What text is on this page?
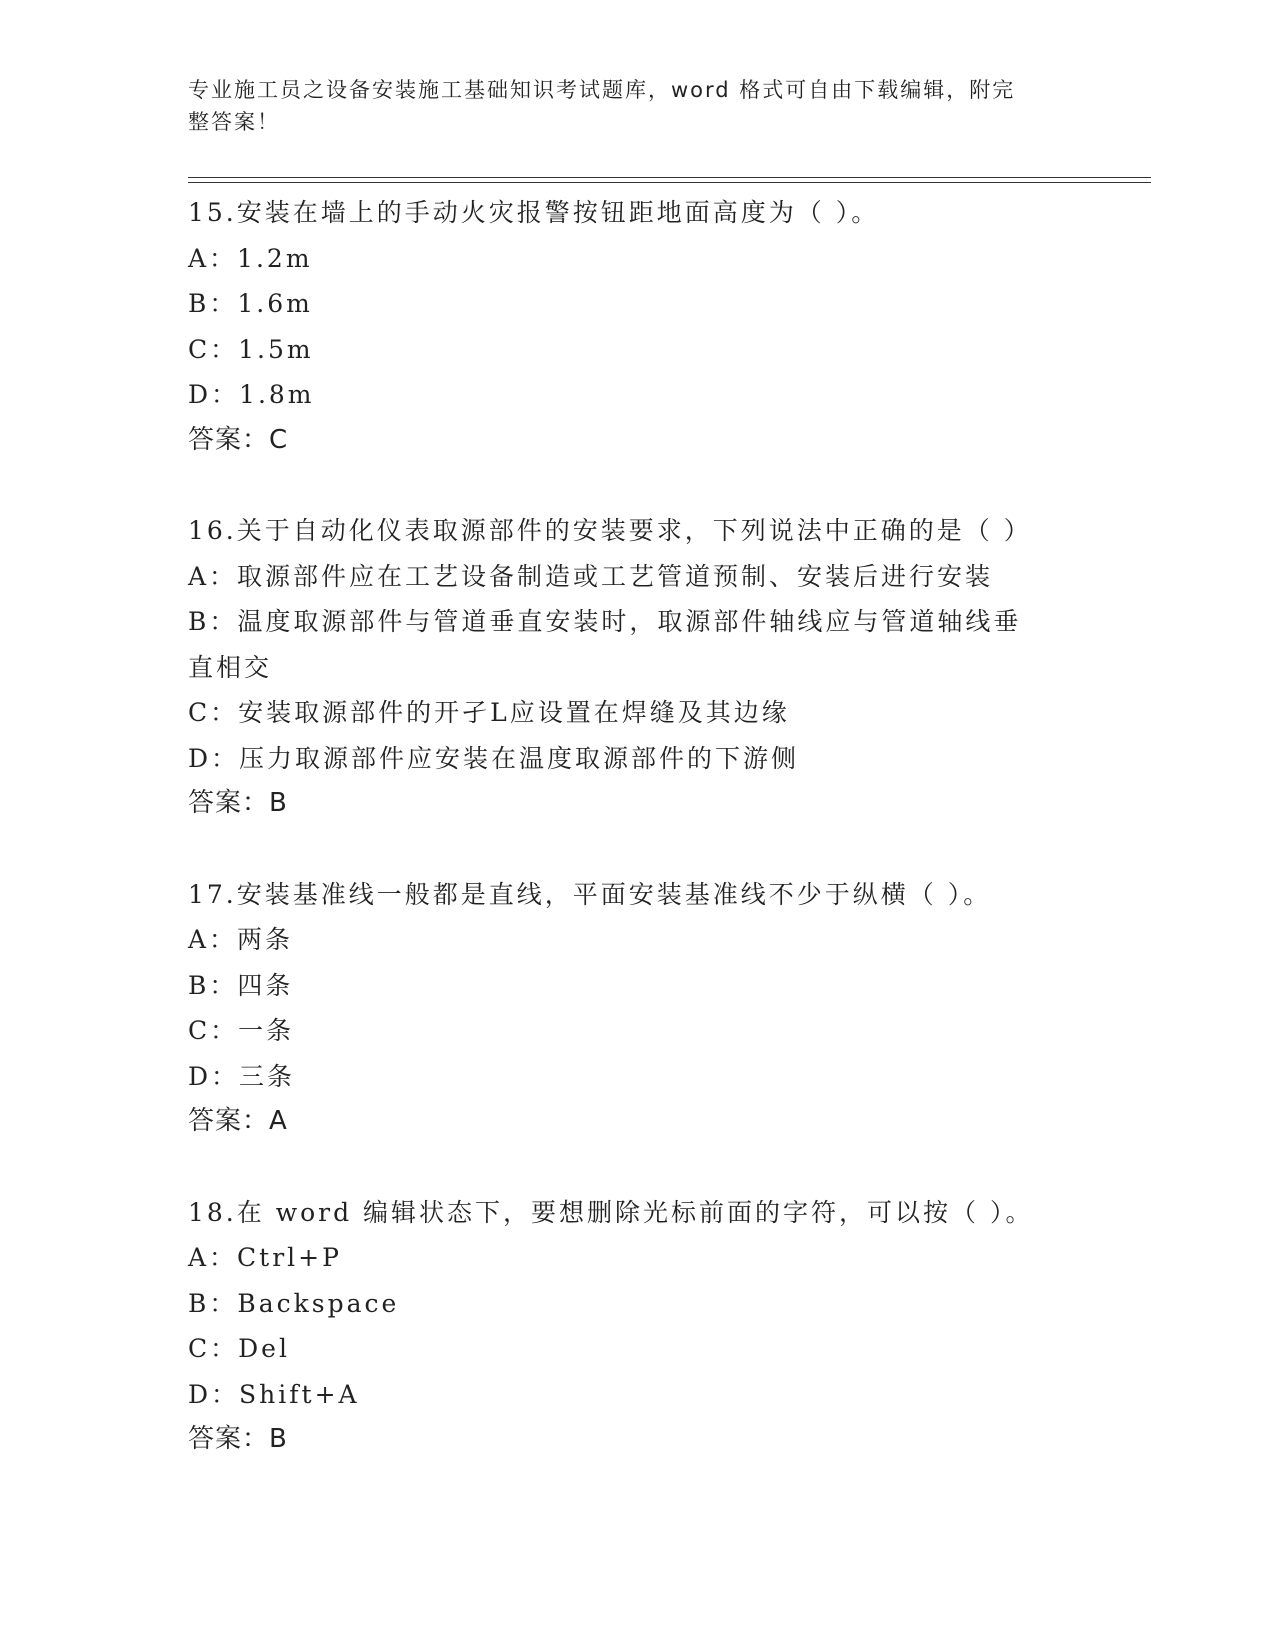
专业施工员之设备安装施工基础知识考试题库，word 格式可自由下载编辑，附完
整答案！
15.安装在墙上的手动火灾报警按钮距地面高度为（ ）。
A：1.2m
B：1.6m
C：1.5m
D：1.8m
答案：C
16.关于自动化仪表取源部件的安装要求，下列说法中正确的是（ ）
A：取源部件应在工艺设备制造或工艺管道预制、安装后进行安装
B：温度取源部件与管道垂直安装时，取源部件轴线应与管道轴线垂直相交
C：安装取源部件的开孑L应设置在焊缝及其边缘
D：压力取源部件应安装在温度取源部件的下游侧
答案：B
17.安装基准线一般都是直线，平面安装基准线不少于纵横（ ）。
A：两条
B：四条
C：一条
D：三条
答案：A
18.在 word 编辑状态下，要想删除光标前面的字符，可以按（ ）。
A：Ctrl+P
B：Backspace
C：Del
D：Shift+A
答案：B
